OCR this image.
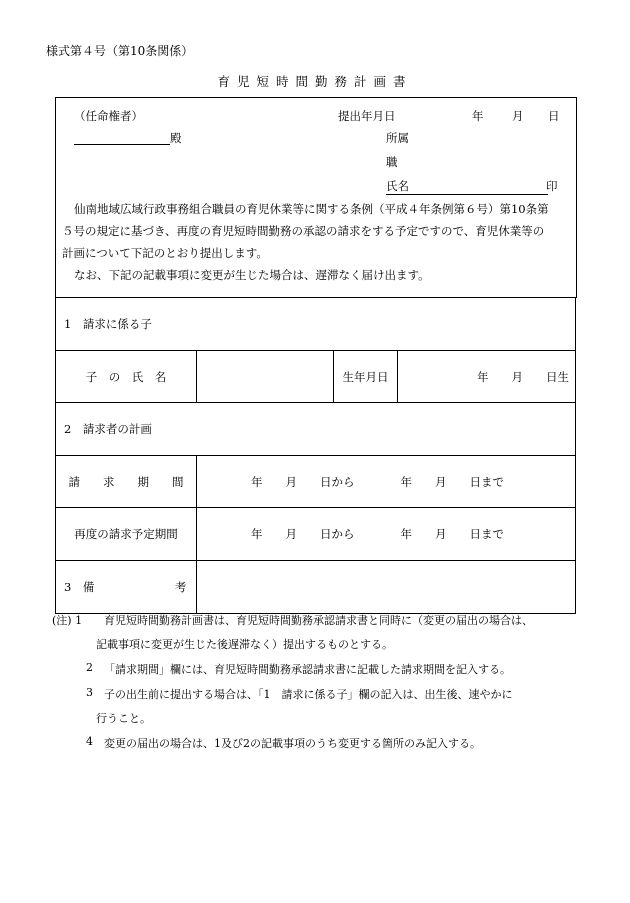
様式第４号（第10条関係）
育児短時間勤務計画書
（任命権者）
殿
提出年月日	年 月 日
所属
職
氏名	印
仙南地域広域行政事務組合職員の育児休業等に関する条例（平成４年条例第６号）第10条第
５号の規定に基づき、再度の育児短時間勤務の承認の請求をする予定ですので、育児休業等の
計画について下記のとおり提出します。
なお、下記の記載事項に変更が生じた場合は、遅滞なく届け出ます。
1　請求に係る子			
子　の　氏　名		生年月日	年　　月　　日生
2　請求者の計画			
請　　求　　期　　間	年　　月　　日から　　　　年　　月　　日まで		
再度の請求予定期間	年　　月　　日から　　　　年　　月　　日まで		
3　備　　　　　　　考			
(注) 1 育児短時間勤務計画書は、育児短時間勤務承認請求書と同時に（変更の届出の場合は、
記載事項に変更が生じた後遅滞なく）提出するものとする。
2 「請求期間」欄には、育児短時間勤務承認請求書に記載した請求期間を記入する。
3 子の出生前に提出する場合は、「1　請求に係る子」欄の記入は、出生後、速やかに
行うこと。
4 変更の届出の場合は、1及び2の記載事項のうち変更する箇所のみ記入する。
